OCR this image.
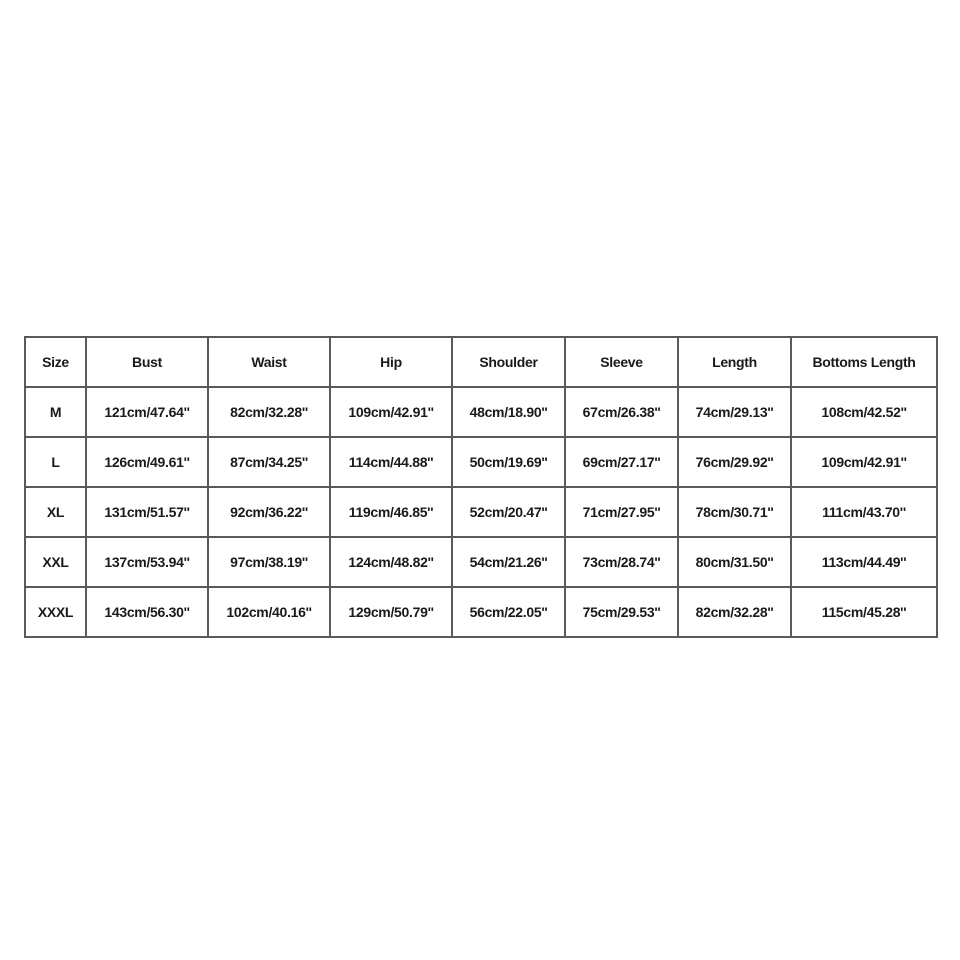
Size	Bust	Waist	Hip	Shoulder	Sleeve	Length	Bottoms Length
M	121cm/47.64''	82cm/32.28''	109cm/42.91''	48cm/18.90''	67cm/26.38''	74cm/29.13''	108cm/42.52''
L	126cm/49.61''	87cm/34.25''	114cm/44.88''	50cm/19.69''	69cm/27.17''	76cm/29.92''	109cm/42.91''
XL	131cm/51.57''	92cm/36.22''	119cm/46.85''	52cm/20.47''	71cm/27.95''	78cm/30.71''	111cm/43.70''
XXL	137cm/53.94''	97cm/38.19''	124cm/48.82''	54cm/21.26''	73cm/28.74''	80cm/31.50''	113cm/44.49''
XXXL	143cm/56.30''	102cm/40.16''	129cm/50.79''	56cm/22.05''	75cm/29.53''	82cm/32.28''	115cm/45.28''
